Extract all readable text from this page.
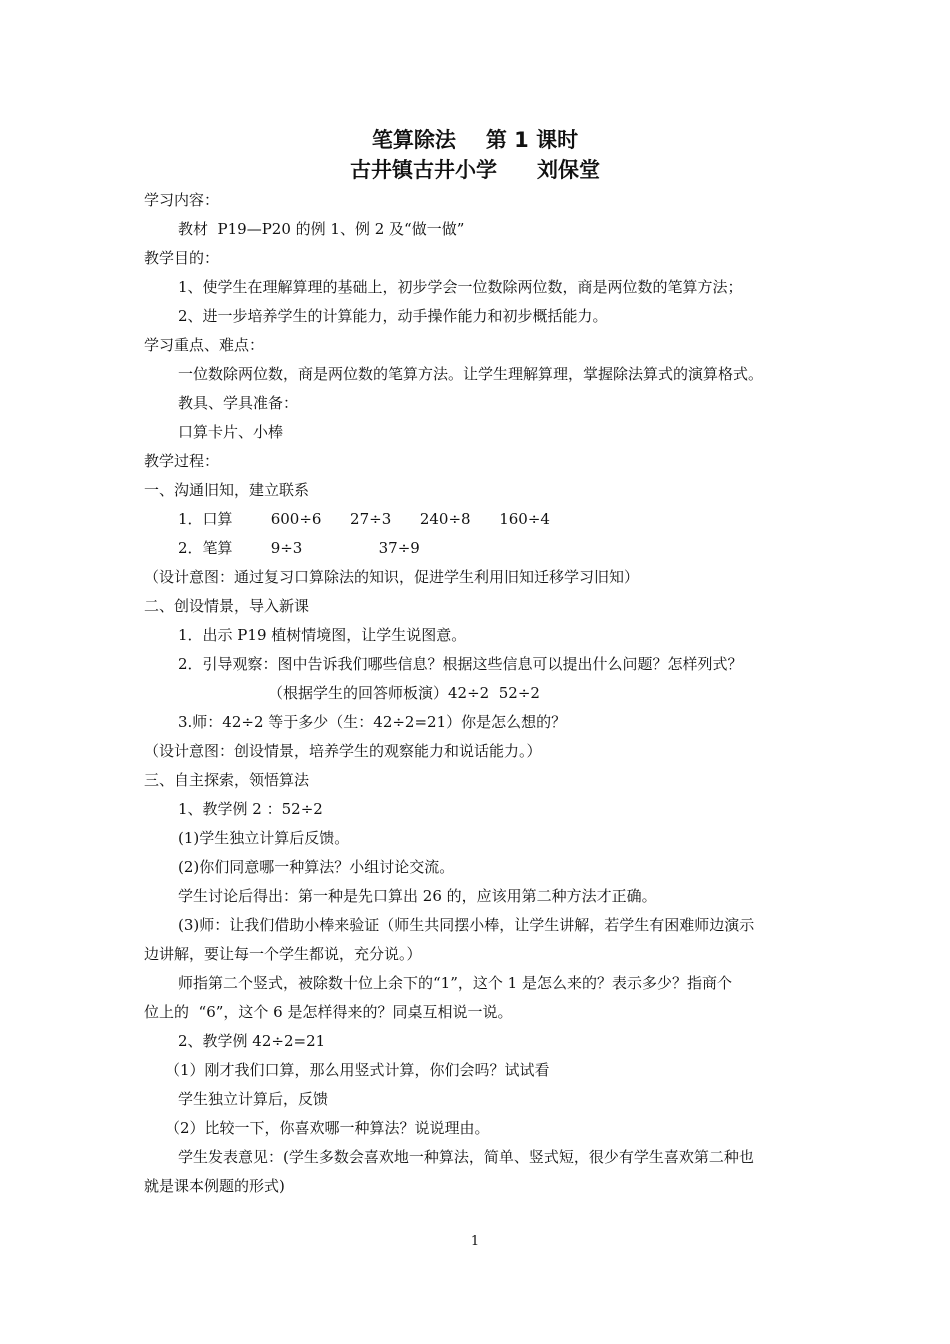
笔算除法 第 1 课时
古井镇古井小学 刘保堂
学习内容：
教材  P19—P20 的例 1、例 2 及“做一做”
教学目的：
1、使学生在理解算理的基础上，初步学会一位数除两位数，商是两位数的笔算方法；
2、进一步培养学生的计算能力，动手操作能力和初步概括能力。
学习重点、难点：
一位数除两位数，商是两位数的笔算方法。让学生理解算理，掌握除法算式的演算格式。
教具、学具准备：
口算卡片、小棒
教学过程：
一、沟通旧知，建立联系
1．口算        600÷6      27÷3      240÷8      160÷4
2．笔算        9÷3                37÷9
（设计意图：通过复习口算除法的知识，促进学生利用旧知迁移学习旧知）
二、创设情景，导入新课
1．出示 P19 植树情境图，让学生说图意。
2．引导观察：图中告诉我们哪些信息？根据这些信息可以提出什么问题？怎样列式？
（根据学生的回答师板演）42÷2  52÷2
3.师：42÷2 等于多少（生：42÷2=21）你是怎么想的？
（设计意图：创设情景，培养学生的观察能力和说话能力。）
三、自主探索，领悟算法
1、教学例 2 ：52÷2
(1)学生独立计算后反馈。
(2)你们同意哪一种算法？小组讨论交流。
学生讨论后得出：第一种是先口算出 26 的，应该用第二种方法才正确。
(3)师：让我们借助小棒来验证（师生共同摆小棒，让学生讲解，若学生有困难师边演示
边讲解，要让每一个学生都说，充分说。）
师指第二个竖式，被除数十位上余下的“1”，这个 1 是怎么来的？表示多少？指商个
位上的  “6”，这个 6 是怎样得来的？同桌互相说一说。
2、教学例 42÷2=21
（1）刚才我们口算，那么用竖式计算，你们会吗？试试看
学生独立计算后，反馈
（2）比较一下，你喜欢哪一种算法？说说理由。
学生发表意见：(学生多数会喜欢地一种算法，简单、竖式短，很少有学生喜欢第二种也
就是课本例题的形式)
1
